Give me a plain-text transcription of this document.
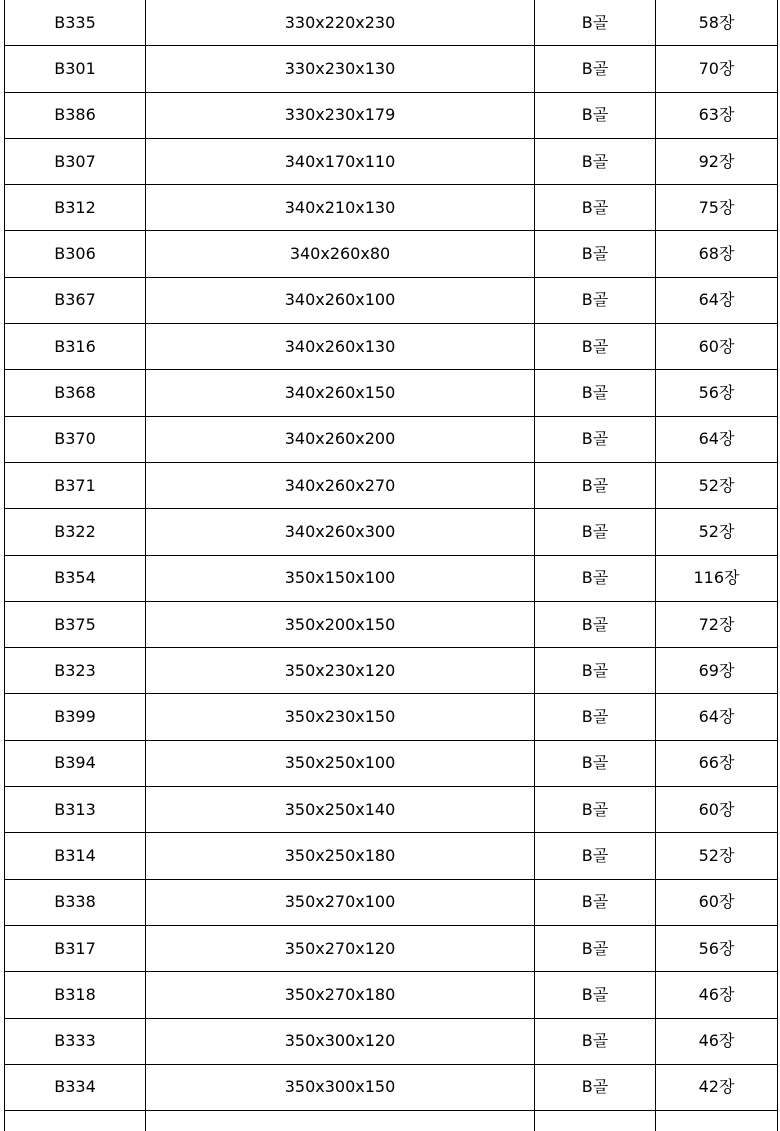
B335	330x220x230	B골	58장
B301	330x230x130	B골	70장
B386	330x230x179	B골	63장
B307	340x170x110	B골	92장
B312	340x210x130	B골	75장
B306	340x260x80	B골	68장
B367	340x260x100	B골	64장
B316	340x260x130	B골	60장
B368	340x260x150	B골	56장
B370	340x260x200	B골	64장
B371	340x260x270	B골	52장
B322	340x260x300	B골	52장
B354	350x150x100	B골	116장
B375	350x200x150	B골	72장
B323	350x230x120	B골	69장
B399	350x230x150	B골	64장
B394	350x250x100	B골	66장
B313	350x250x140	B골	60장
B314	350x250x180	B골	52장
B338	350x270x100	B골	60장
B317	350x270x120	B골	56장
B318	350x270x180	B골	46장
B333	350x300x120	B골	46장
B334	350x300x150	B골	42장
